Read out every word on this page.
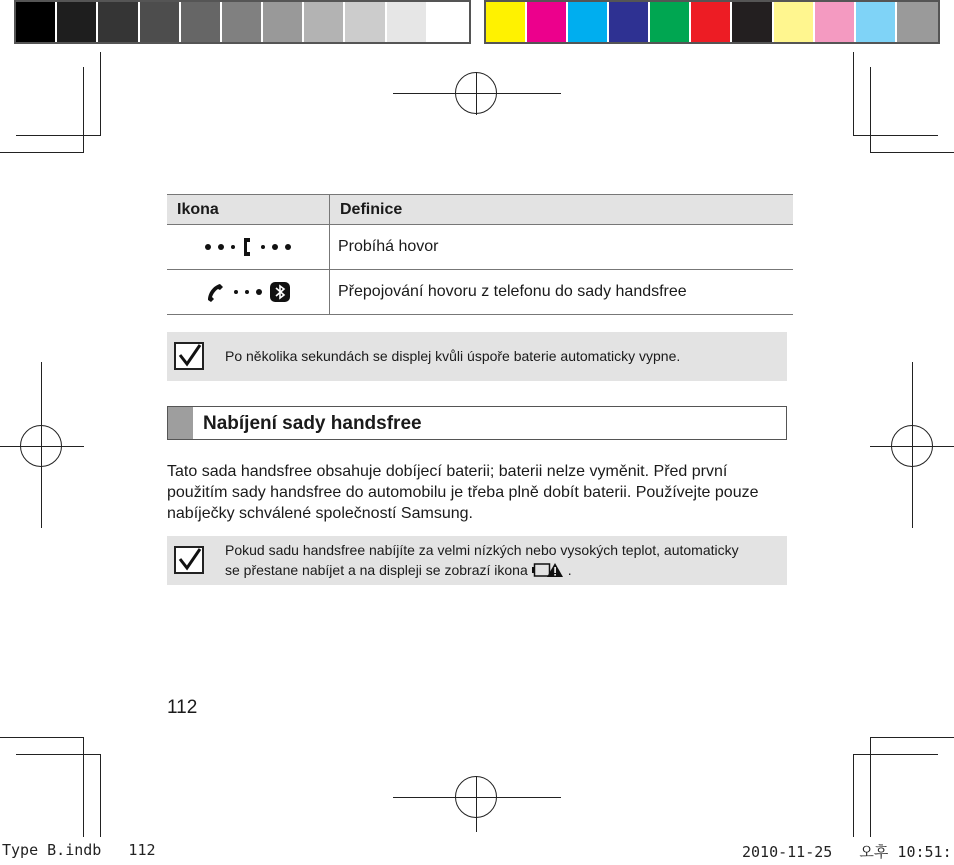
Ikona	Definice

	Probíhá hovor

	Přepojování hovoru z telefonu do sady handsfree
Po několika sekundách se displej kvůli úspoře baterie automaticky vypne.
Nabíjení sady handsfree
Tato sada handsfree obsahuje dobíjecí baterii; baterii nelze vyměnit. Před první použitím sady handsfree do automobilu je třeba plně dobít baterii. Používejte pouze nabíječky schválené společností Samsung.
Pokud sadu handsfree nabíjíte za velmi nízkých nebo vysokých teplot, automaticky
se přestane nabíjet a na displeji se zobrazí ikona	.
112
Type B.indb   112	2010-11-25   오후 10:51:
